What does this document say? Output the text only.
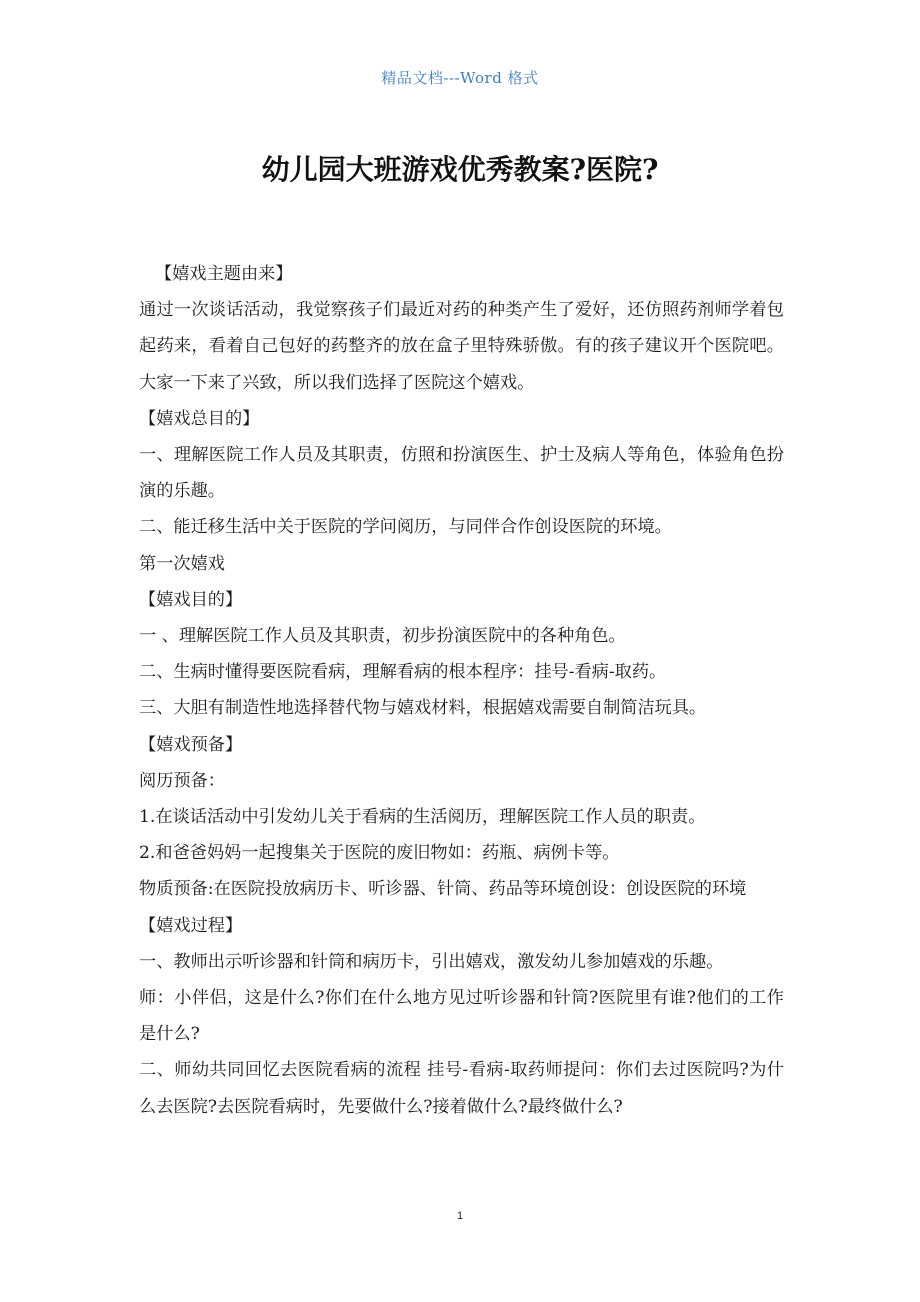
精品文档---Word 格式
幼儿园大班游戏优秀教案?医院?

【嬉戏主题由来】

通过一次谈话活动，我觉察孩子们最近对药的种类产生了爱好，还仿照药剂师学着包起药来，看着自己包好的药整齐的放在盒子里特殊骄傲。有的孩子建议开个医院吧。大家一下来了兴致，所以我们选择了医院这个嬉戏。

【嬉戏总目的】

一、理解医院工作人员及其职责，仿照和扮演医生、护士及病人等角色，体验角色扮演的乐趣。

二、能迁移生活中关于医院的学问阅历，与同伴合作创设医院的环境。

第一次嬉戏

【嬉戏目的】

一 、理解医院工作人员及其职责，初步扮演医院中的各种角色。

二、生病时懂得要医院看病，理解看病的根本程序：挂号-看病-取药。

三、大胆有制造性地选择替代物与嬉戏材料，根据嬉戏需要自制简洁玩具。

【嬉戏预备】

阅历预备：

1.在谈话活动中引发幼儿关于看病的生活阅历，理解医院工作人员的职责。

2.和爸爸妈妈一起搜集关于医院的废旧物如：药瓶、病例卡等。

物质预备:在医院投放病历卡、听诊器、针筒、药品等环境创设：创设医院的环境

【嬉戏过程】

一、教师出示听诊器和针筒和病历卡，引出嬉戏，激发幼儿参加嬉戏的乐趣。

师：小伴侣，这是什么?你们在什么地方见过听诊器和针筒?医院里有谁?他们的工作是什么?

二、师幼共同回忆去医院看病的流程 挂号-看病-取药师提问：你们去过医院吗?为什么去医院?去医院看病时，先要做什么?接着做什么?最终做什么?

1
